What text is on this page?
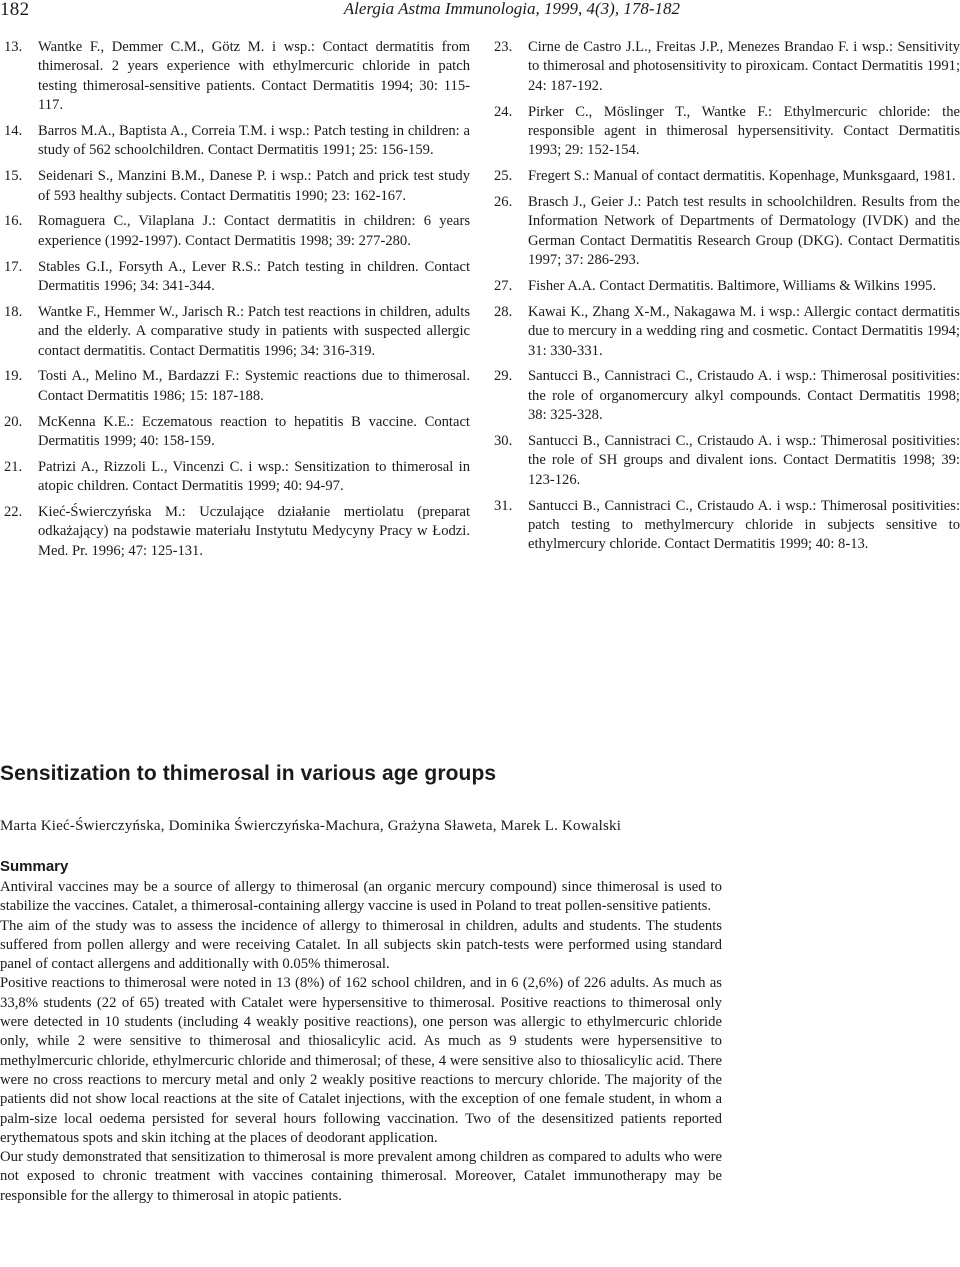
182	Alergia Astma Immunologia, 1999, 4(3), 178-182
13.	Wantke F., Demmer C.M., Götz M. i wsp.: Contact dermatitis from thimerosal. 2 years experience with ethylmercuric chloride in patch testing thimerosal-sensitive patients. Contact Dermatitis 1994; 30: 115-117.
14.	Barros M.A., Baptista A., Correia T.M. i wsp.: Patch testing in children: a study of 562 schoolchildren. Contact Dermatitis 1991; 25: 156-159.
15.	Seidenari S., Manzini B.M., Danese P. i wsp.: Patch and prick test study of 593 healthy subjects. Contact Dermatitis 1990; 23: 162-167.
16.	Romaguera C., Vilaplana J.: Contact dermatitis in children: 6 years experience (1992-1997). Contact Dermatitis 1998; 39: 277-280.
17.	Stables G.I., Forsyth A., Lever R.S.: Patch testing in children. Contact Dermatitis 1996; 34: 341-344.
18.	Wantke F., Hemmer W., Jarisch R.: Patch test reactions in children, adults and the elderly. A comparative study in patients with suspected allergic contact dermatitis. Contact Dermatitis 1996; 34: 316-319.
19.	Tosti A., Melino M., Bardazzi F.: Systemic reactions due to thimerosal. Contact Dermatitis 1986; 15: 187-188.
20.	McKenna K.E.: Eczematous reaction to hepatitis B vaccine. Contact Dermatitis 1999; 40: 158-159.
21.	Patrizi A., Rizzoli L., Vincenzi C. i wsp.: Sensitization to thimerosal in atopic children. Contact Dermatitis 1999; 40: 94-97.
22.	Kieć-Świerczyńska M.: Uczulające działanie mertiolatu (preparat odkażający) na podstawie materiału Instytutu Medycyny Pracy w Łodzi. Med. Pr. 1996; 47: 125-131.
23.	Cirne de Castro J.L., Freitas J.P., Menezes Brandao F. i wsp.: Sensitivity to thimerosal and photosensitivity to piroxicam. Contact Dermatitis 1991; 24: 187-192.
24.	Pirker C., Möslinger T., Wantke F.: Ethylmercuric chloride: the responsible agent in thimerosal hypersensitivity. Contact Dermatitis 1993; 29: 152-154.
25.	Fregert S.: Manual of contact dermatitis. Kopenhage, Munksgaard, 1981.
26.	Brasch J., Geier J.: Patch test results in schoolchildren. Results from the Information Network of Departments of Dermatology (IVDK) and the German Contact Dermatitis Research Group (DKG). Contact Dermatitis 1997; 37: 286-293.
27.	Fisher A.A. Contact Dermatitis. Baltimore, Williams & Wilkins 1995.
28.	Kawai K., Zhang X-M., Nakagawa M. i wsp.: Allergic contact dermatitis due to mercury in a wedding ring and cosmetic. Contact Dermatitis 1994; 31: 330-331.
29.	Santucci B., Cannistraci C., Cristaudo A. i wsp.: Thimerosal positivities: the role of organomercury alkyl compounds. Contact Dermatitis 1998; 38: 325-328.
30.	Santucci B., Cannistraci C., Cristaudo A. i wsp.: Thimerosal positivities: the role of SH groups and divalent ions. Contact Dermatitis 1998; 39: 123-126.
31.	Santucci B., Cannistraci C., Cristaudo A. i wsp.: Thimerosal positivities: patch testing to methylmercury chloride in subjects sensitive to ethylmercury chloride. Contact Dermatitis 1999; 40: 8-13.
Sensitization to thimerosal in various age groups
Marta Kieć-Świerczyńska, Dominika Świerczyńska-Machura, Grażyna Sławeta, Marek L. Kowalski
Summary

Antiviral vaccines may be a source of allergy to thimerosal (an organic mercury compound) since thimerosal is used to stabilize the vaccines. Catalet, a thimerosal-containing allergy vaccine is used in Poland to treat pollen-sensitive patients.

The aim of the study was to assess the incidence of allergy to thimerosal in children, adults and students. The students suffered from pollen allergy and were receiving Catalet. In all subjects skin patch-tests were performed using standard panel of contact allergens and additionally with 0.05% thimerosal.

Positive reactions to thimerosal were noted in 13 (8%) of 162 school children, and in 6 (2,6%) of 226 adults. As much as 33,8% students (22 of 65) treated with Catalet were hypersensitive to thimerosal. Positive reactions to thimerosal only were detected in 10 students (including 4 weakly positive reactions), one person was allergic to ethylmercuric chloride only, while 2 were sensitive to thimerosal and thiosalicylic acid. As much as 9 students were hypersensitive to methylmercuric chloride, ethylmercuric chloride and thimerosal; of these, 4 were sensitive also to thiosalicylic acid. There were no cross reactions to mercury metal and only 2 weakly positive reactions to mercury chloride. The majority of the patients did not show local reactions at the site of Catalet injections, with the exception of one female student, in whom a palm-size local oedema persisted for several hours following vaccination. Two of the desensitized patients reported erythematous spots and skin itching at the places of deodorant application.

Our study demonstrated that sensitization to thimerosal is more prevalent among children as compared to adults who were not exposed to chronic treatment with vaccines containing thimerosal. Moreover, Catalet immunotherapy may be responsible for the allergy to thimerosal in atopic patients.
